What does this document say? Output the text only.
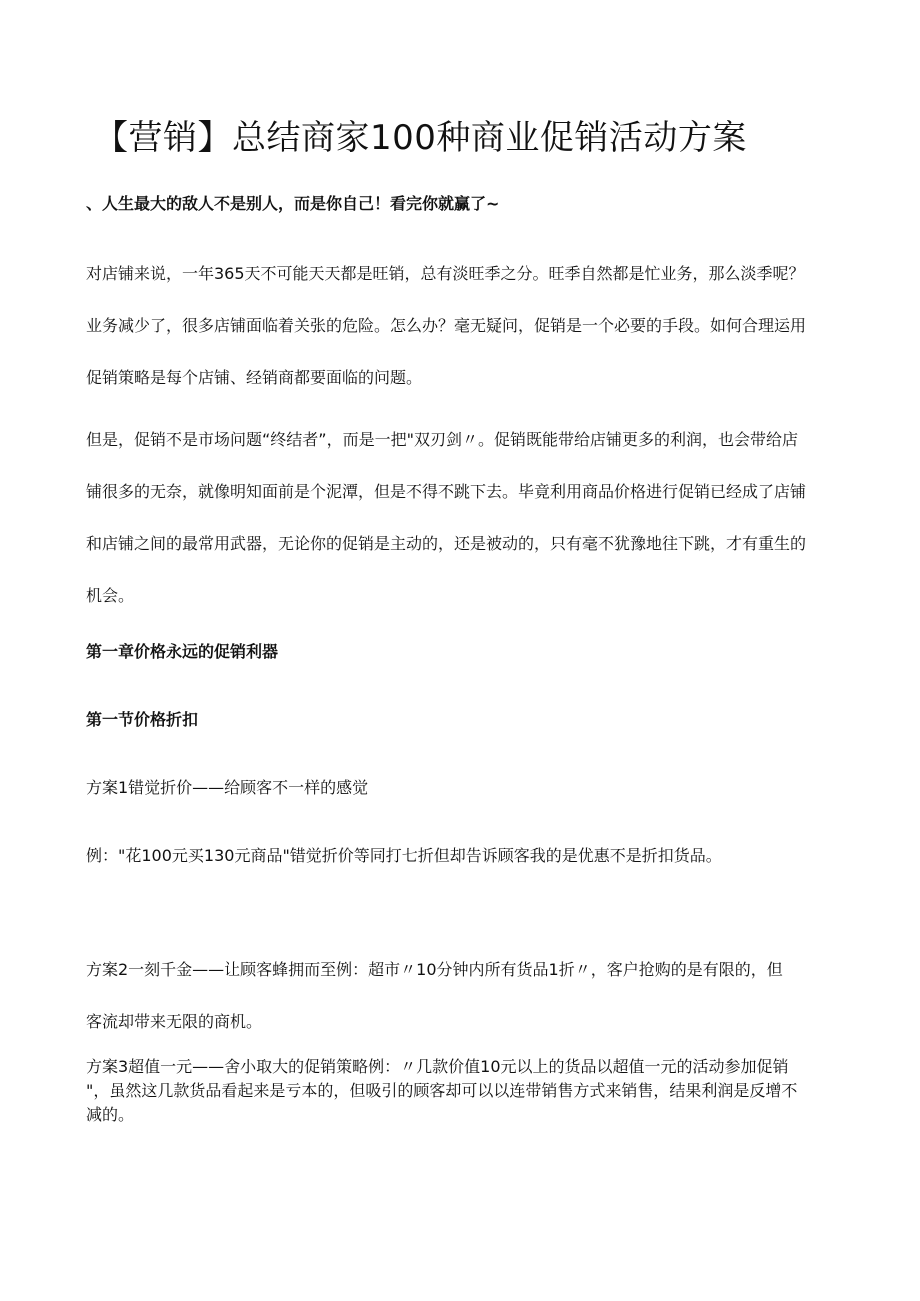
【营销】总结商家100种商业促销活动方案

、人生最大的敌人不是别人，而是你自己！看完你就赢了~

对店铺来说，一年365天不可能天天都是旺销，总有淡旺季之分。旺季自然都是忙业务，那么淡季呢？
业务减少了，很多店铺面临着关张的危险。怎么办？毫无疑问，促销是一个必要的手段。如何合理运用
促销策略是每个店铺、经销商都要面临的问题。
但是，促销不是市场问题“终结者”，而是一把"双刃剑〃。促销既能带给店铺更多的利润，也会带给店
铺很多的无奈，就像明知面前是个泥潭，但是不得不跳下去。毕竟利用商品价格进行促销已经成了店铺
和店铺之间的最常用武器，无论你的促销是主动的，还是被动的，只有毫不犹豫地往下跳，才有重生的
机会。

第一章价格永远的促销利器

第一节价格折扣

方案1错觉折价——给顾客不一样的感觉

例："花100元买130元商品"错觉折价等同打七折但却告诉顾客我的是优惠不是折扣货品。

方案2一刻千金——让顾客蜂拥而至例：超市〃10分钟内所有货品1折〃，客户抢购的是有限的，但
客流却带来无限的商机。
方案3超值一元——舍小取大的促销策略例：〃几款价值10元以上的货品以超值一元的活动参加促销
"，虽然这几款货品看起来是亏本的，但吸引的顾客却可以以连带销售方式来销售，结果利润是反增不
减的。
